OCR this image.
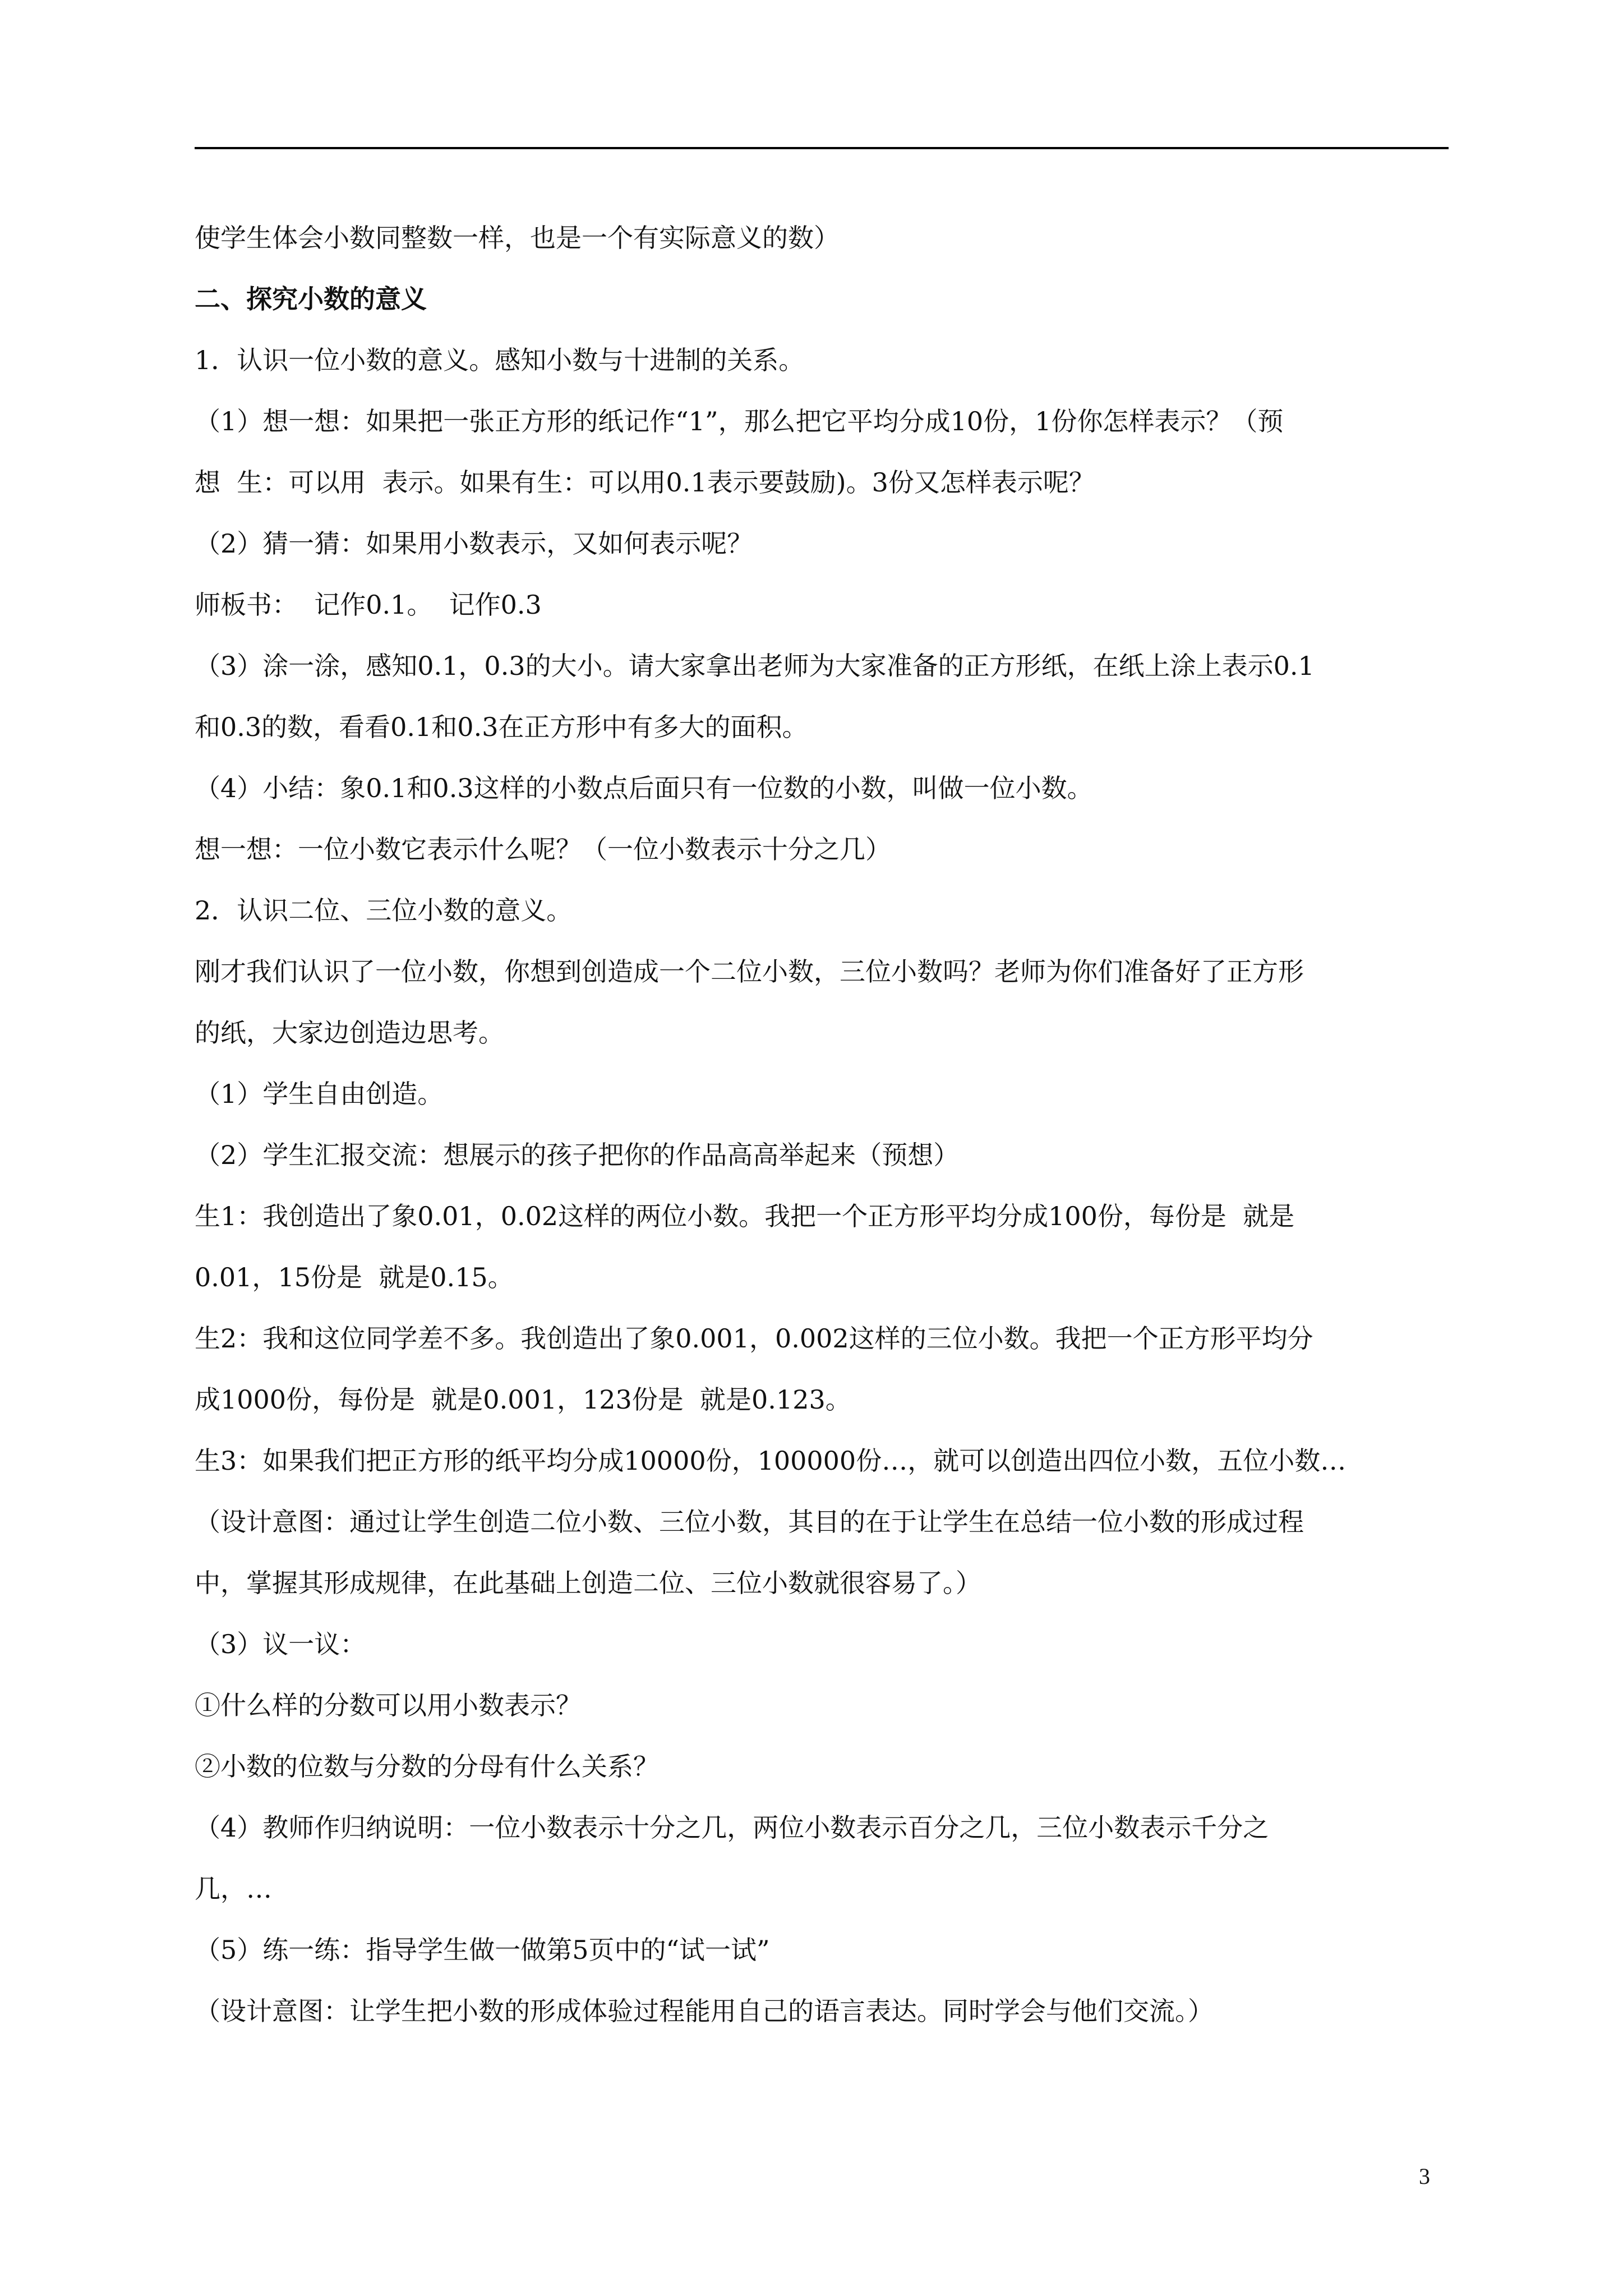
使学生体会小数同整数一样，也是一个有实际意义的数）
二、探究小数的意义
1．认识一位小数的意义。感知小数与十进制的关系。
（1）想一想：如果把一张正方形的纸记作“1”，那么把它平均分成10份，1份你怎样表示？（预
想  生：可以用  表示。如果有生：可以用0.1表示要鼓励)。3份又怎样表示呢？
（2）猜一猜：如果用小数表示，又如何表示呢？
师板书：  记作0.1。  记作0.3
（3）涂一涂，感知0.1，0.3的大小。请大家拿出老师为大家准备的正方形纸，在纸上涂上表示0.1
和0.3的数，看看0.1和0.3在正方形中有多大的面积。
（4）小结：象0.1和0.3这样的小数点后面只有一位数的小数，叫做一位小数。
想一想：一位小数它表示什么呢？（一位小数表示十分之几）
2．认识二位、三位小数的意义。
刚才我们认识了一位小数，你想到创造成一个二位小数，三位小数吗？老师为你们准备好了正方形
的纸，大家边创造边思考。
（1）学生自由创造。
（2）学生汇报交流：想展示的孩子把你的作品高高举起来（预想）
生1：我创造出了象0.01，0.02这样的两位小数。我把一个正方形平均分成100份，每份是  就是
0.01，15份是  就是0.15。
生2：我和这位同学差不多。我创造出了象0.001，0.002这样的三位小数。我把一个正方形平均分
成1000份，每份是  就是0.001，123份是  就是0.123。
生3：如果我们把正方形的纸平均分成10000份，100000份…，就可以创造出四位小数，五位小数…
（设计意图：通过让学生创造二位小数、三位小数，其目的在于让学生在总结一位小数的形成过程
中，掌握其形成规律，在此基础上创造二位、三位小数就很容易了。）
（3）议一议：
①什么样的分数可以用小数表示？
②小数的位数与分数的分母有什么关系？
（4）教师作归纳说明：一位小数表示十分之几，两位小数表示百分之几，三位小数表示千分之
几，…
（5）练一练：指导学生做一做第5页中的“试一试”
（设计意图：让学生把小数的形成体验过程能用自己的语言表达。同时学会与他们交流。）
3
